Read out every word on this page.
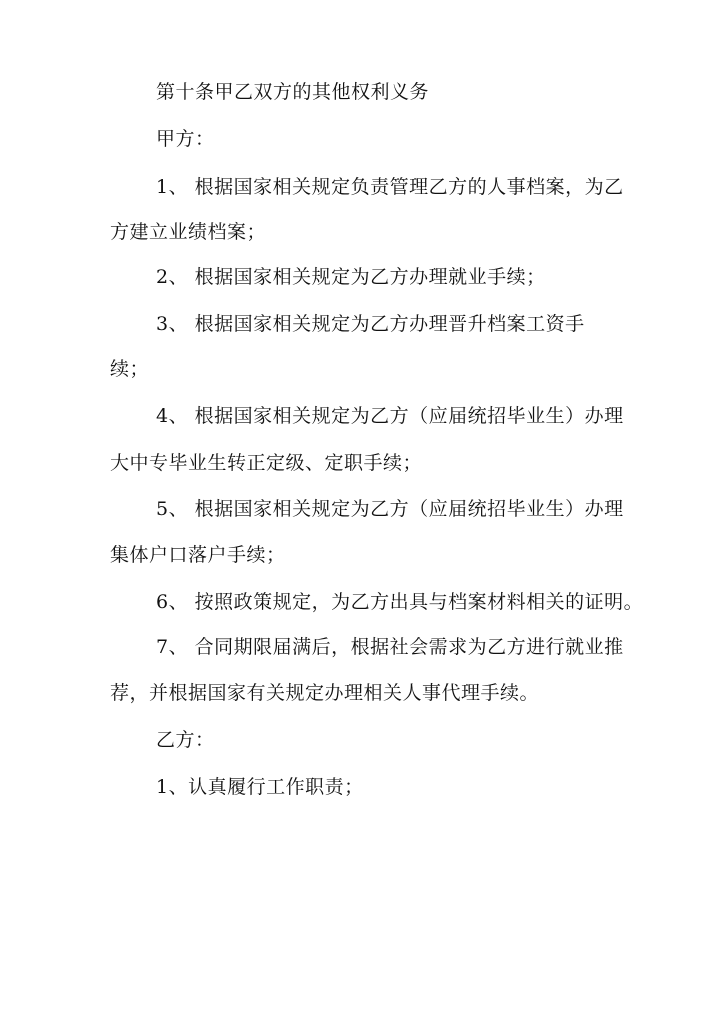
第十条甲乙双方的其他权利义务
甲方：
1、 根据国家相关规定负责管理乙方的人事档案， 为乙
方建立业绩档案；
2、 根据国家相关规定为乙方办理就业手续；
3、 根据国家相关规定为乙方办理晋升档案工资手
续；
4、 根据国家相关规定为乙方（应届统招毕业生）办 理
大中专毕业生转正定级、定职手续；
5、 根据国家相关规定为乙方（应届统招毕业生）办 理
集体户口落户手续；
6、 按照政策规定，为乙方出具与档案材料相关的 证明。
7、 合同期限届满后，根据社会需求为乙方进行就 业推
荐，并根据国家有关规定办理相关人事代理手续。
乙方：
1、认真履行工作职责；
